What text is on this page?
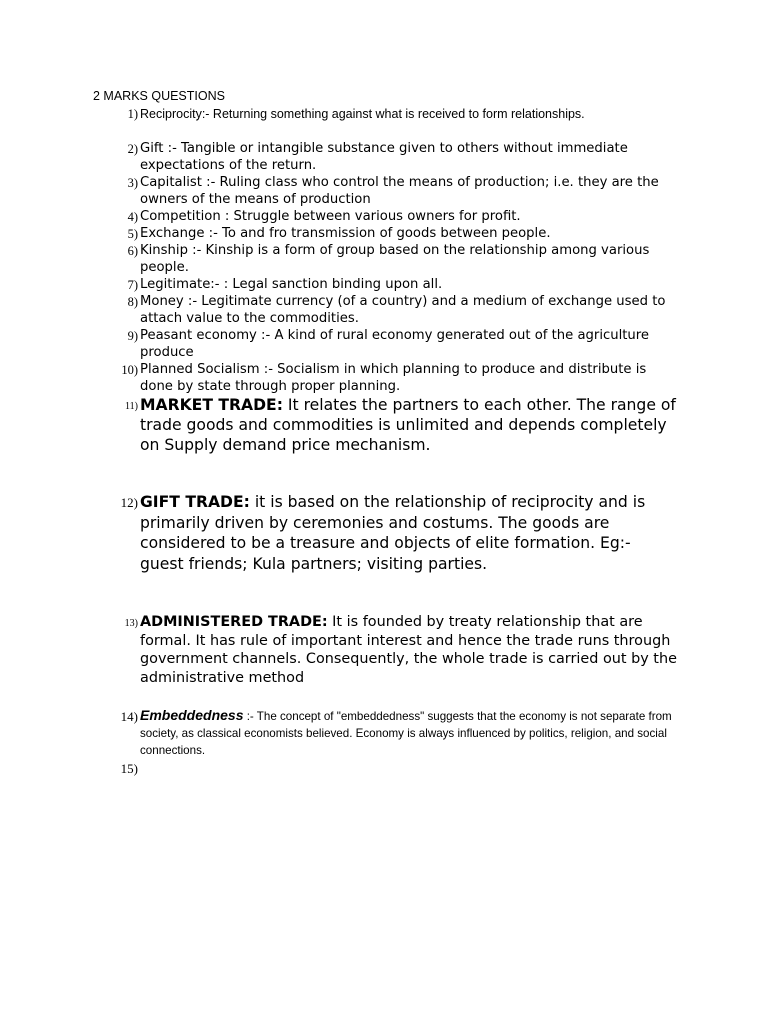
2 MARKS QUESTIONS
1) Reciprocity:- Returning something against what is received to form relationships.
2) Gift :- Tangible or intangible substance given to others without immediate expectations of the return.
3) Capitalist :- Ruling class who control the means of production; i.e. they are the owners of the means of production
4) Competition : Struggle between various owners for profit.
5) Exchange :- To and fro transmission of goods between people.
6) Kinship :- Kinship is a form of group based on the relationship among various people.
7) Legitimate:- : Legal sanction binding upon all.
8) Money :- Legitimate currency (of a country) and a medium of exchange used to attach value to the commodities.
9) Peasant economy :- A kind of rural economy generated out of the agriculture produce
10) Planned Socialism :- Socialism in which planning to produce and distribute is done by state through proper planning.
11) MARKET TRADE: It relates the partners to each other. The range of trade goods and commodities is unlimited and depends completely on Supply demand price mechanism.
12) GIFT TRADE: it is based on the relationship of reciprocity and is primarily driven by ceremonies and costums. The goods are considered to be a treasure and objects of elite formation. Eg:- guest friends; Kula partners; visiting parties.
13) ADMINISTERED TRADE: It is founded by treaty relationship that are formal. It has rule of important interest and hence the trade runs through government channels. Consequently, the whole trade is carried out by the administrative method
14) Embeddedness :- The concept of "embeddedness" suggests that the economy is not separate from society, as classical economists believed. Economy is always influenced by politics, religion, and social connections.
15)
